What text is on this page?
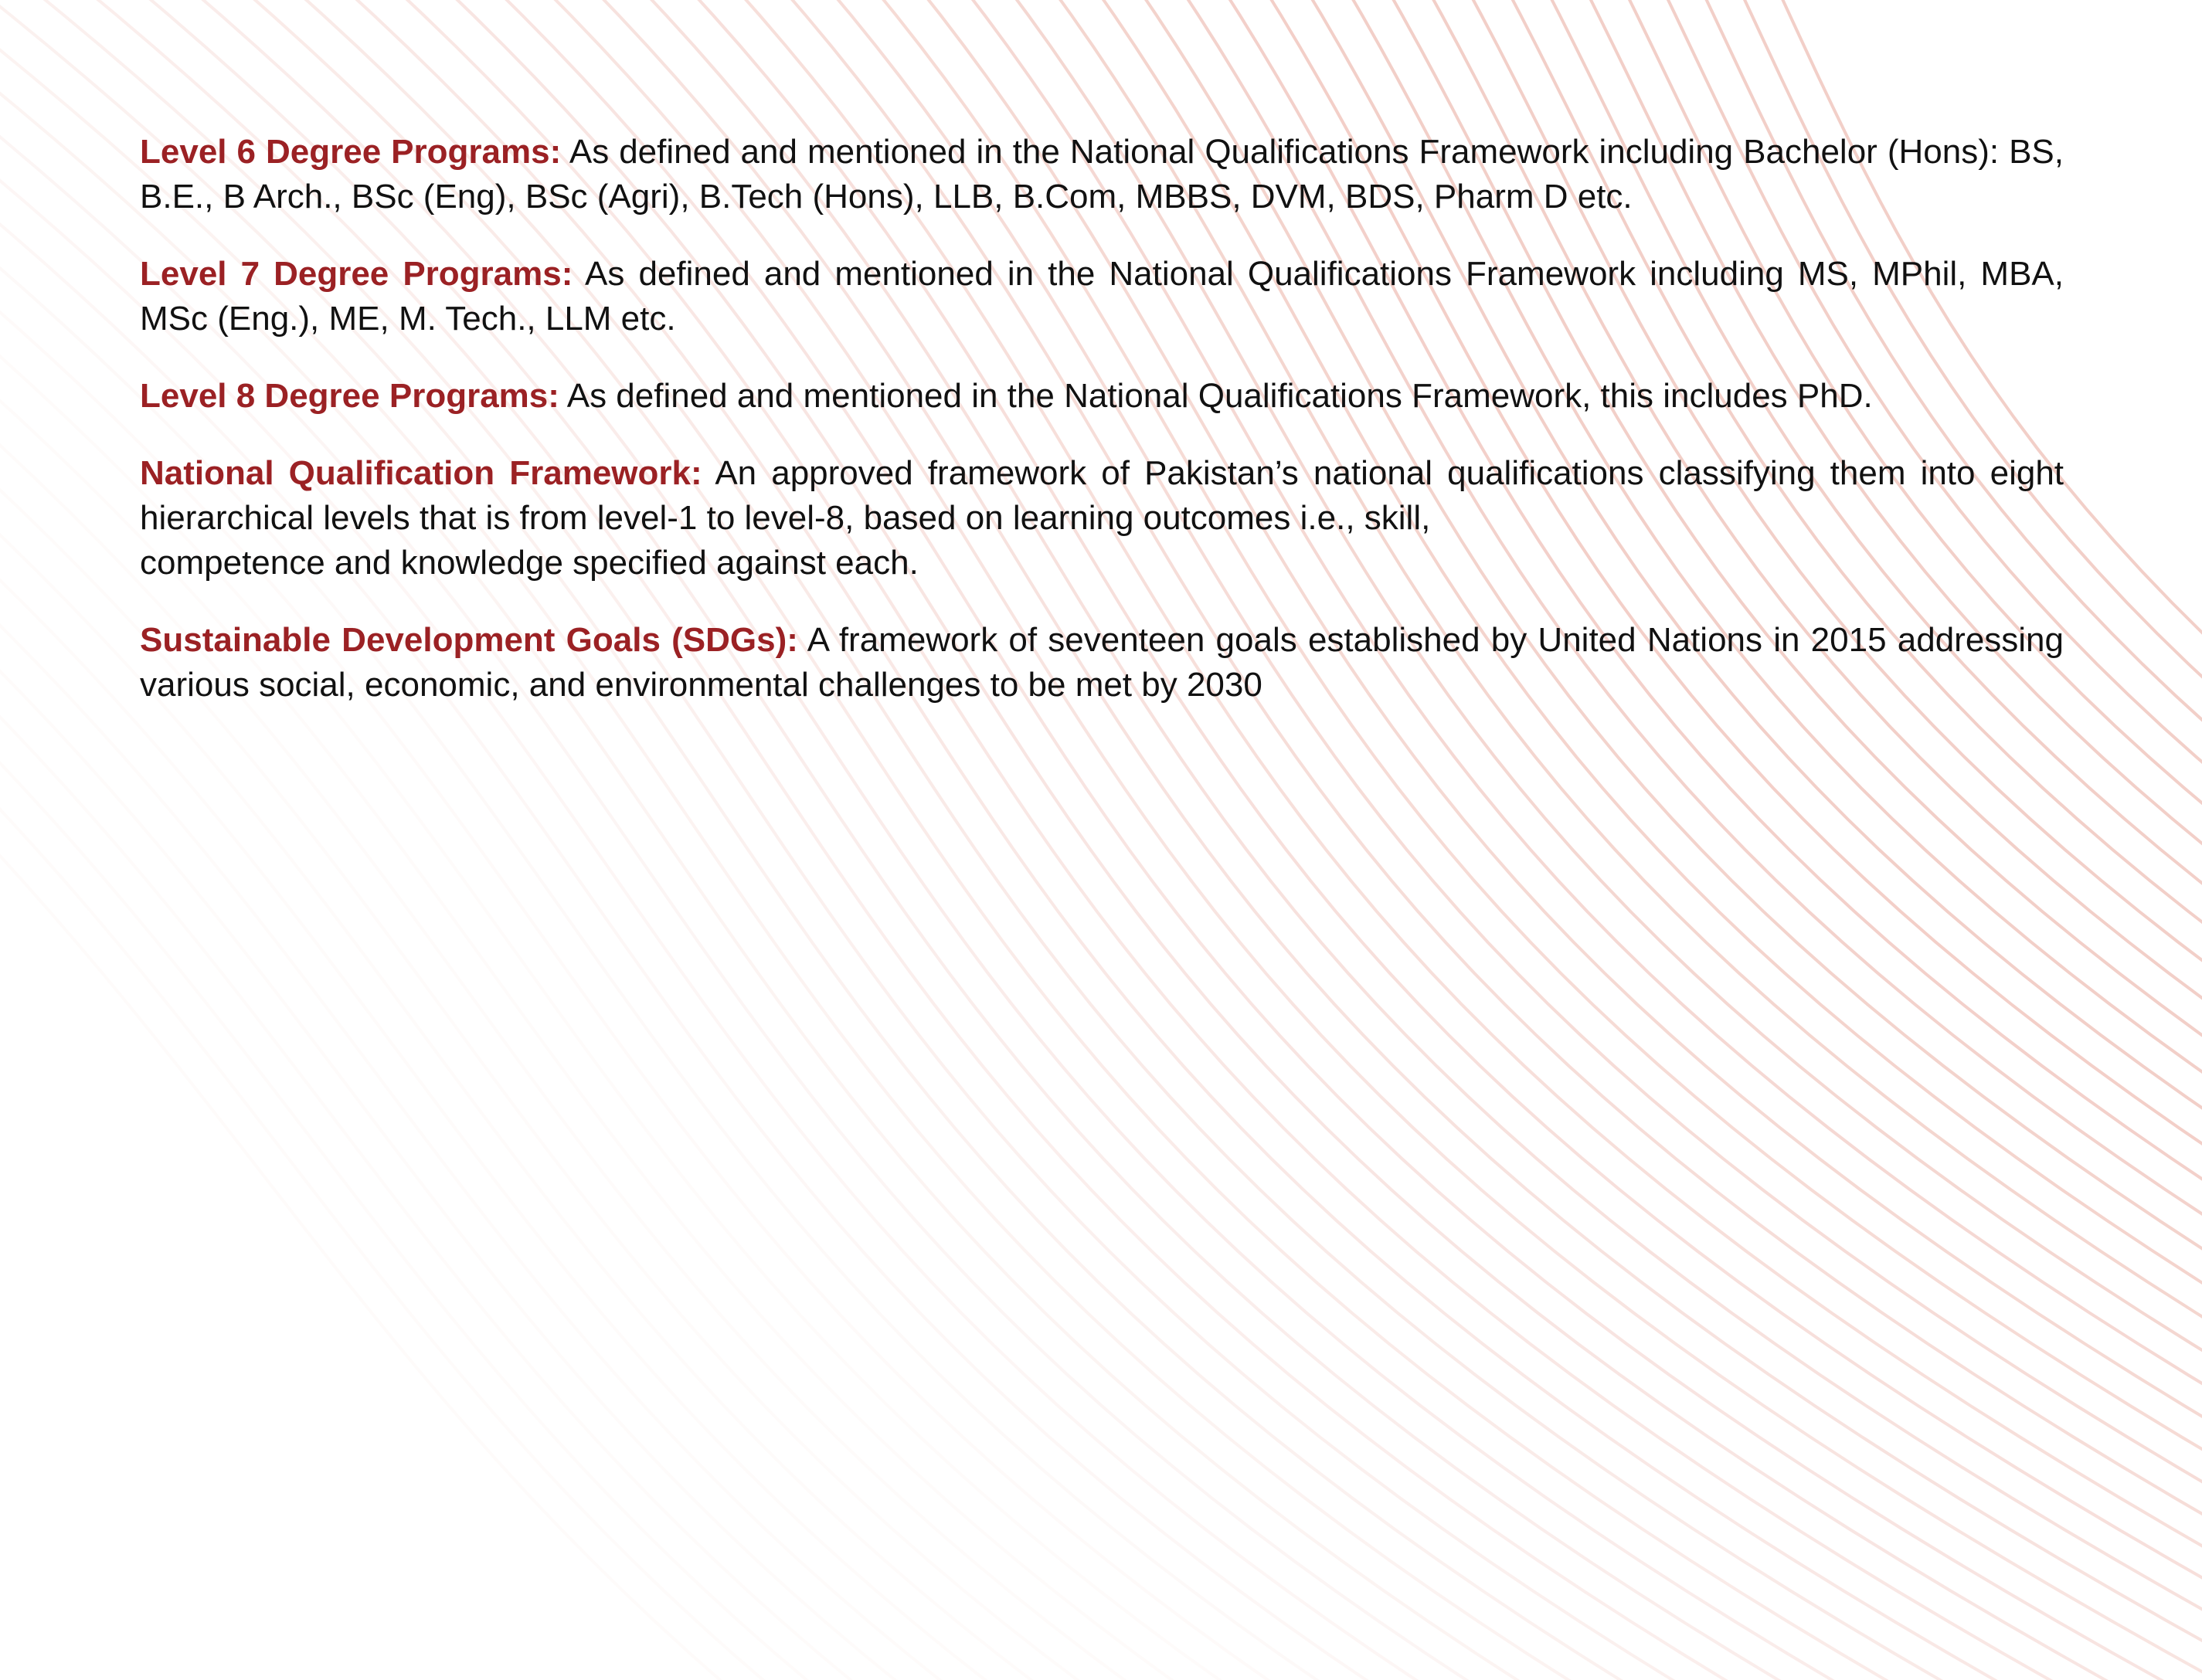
Level 6 Degree Programs: As defined and mentioned in the National Qualifications Framework including Bachelor (Hons): BS, B.E., B Arch., BSc (Eng), BSc (Agri), B.Tech (Hons), LLB, B.Com, MBBS, DVM, BDS, Pharm D etc.

Level 7 Degree Programs: As defined and mentioned in the National Qualifications Framework including MS, MPhil, MBA, MSc (Eng.), ME, M. Tech., LLM etc.

Level 8 Degree Programs: As defined and mentioned in the National Qualifications Framework, this includes PhD.

National Qualification Framework: An approved framework of Pakistan’s national qualifications classifying them into eight hierarchical levels that is from level-1 to level-8, based on learning outcomes i.e., skill,
competence and knowledge specified against each.

Sustainable Development Goals (SDGs): A framework of seventeen goals established by United Nations in 2015 addressing various social, economic, and environmental challenges to be met by 2030
